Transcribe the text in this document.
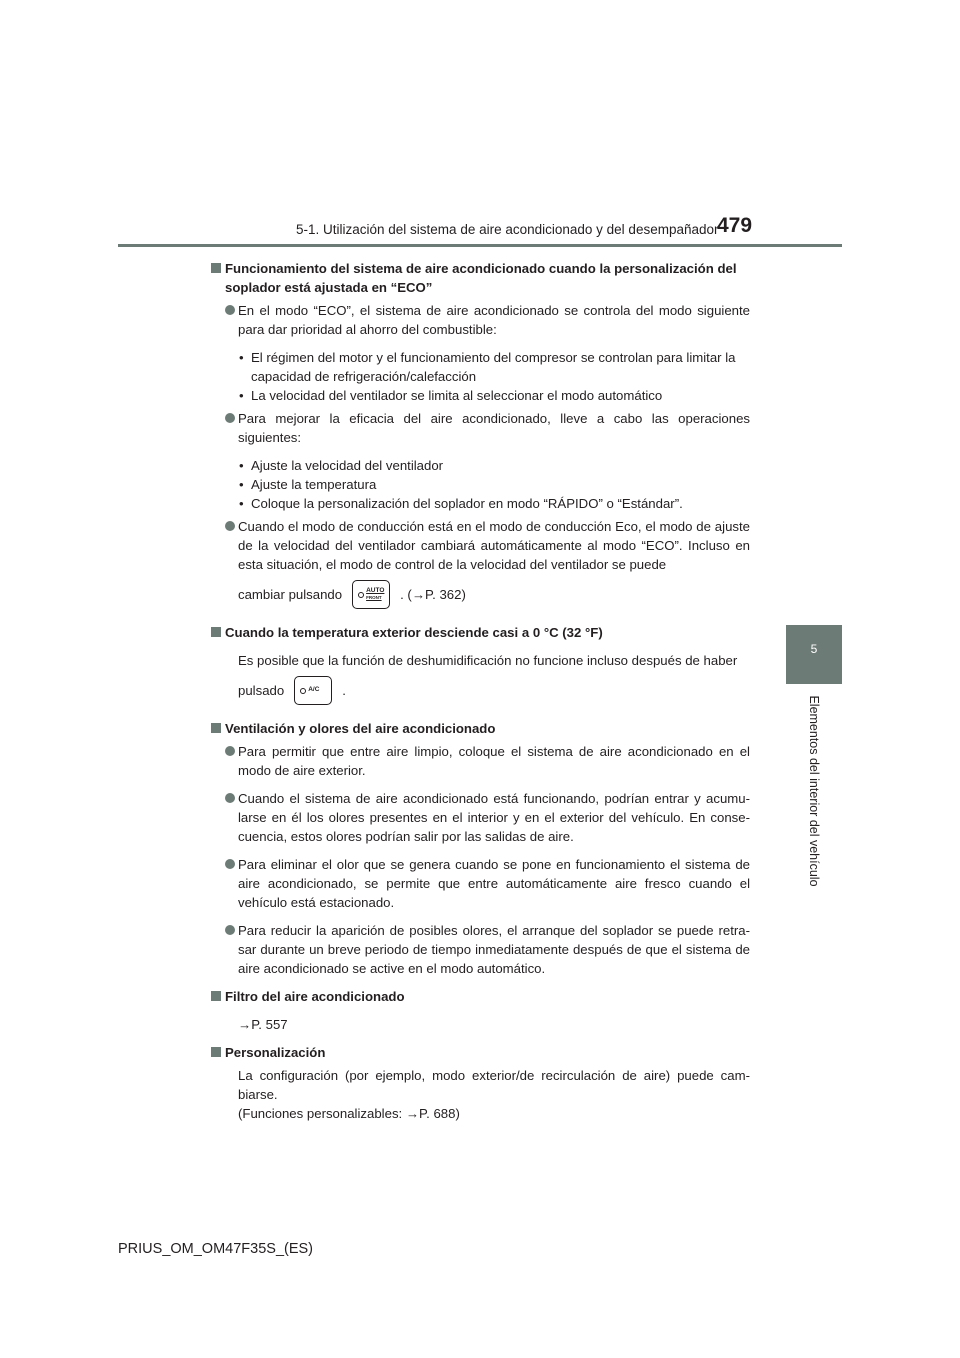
5-1. Utilización del sistema de aire acondicionado y del desempañador
479
5
Elementos del interior del vehículo
Funcionamiento del sistema de aire acondicionado cuando la personalización del soplador está ajustada en “ECO”
En el modo “ECO”, el sistema de aire acondicionado se controla del modo siguiente para dar prioridad al ahorro del combustible:
• El régimen del motor y el funcionamiento del compresor se controlan para limitar la capacidad de refrigeración/calefacción
• La velocidad del ventilador se limita al seleccionar el modo automático
Para mejorar la eficacia del aire acondicionado, lleve a cabo las operaciones siguientes:
• Ajuste la velocidad del ventilador
• Ajuste la temperatura
• Coloque la personalización del soplador en modo “RÁPIDO” o “Estándar”.
Cuando el modo de conducción está en el modo de conducción Eco, el modo de ajuste de la velocidad del ventilador cambiará automáticamente al modo “ECO”. Incluso en esta situación, el modo de control de la velocidad del ventilador se puede
cambiar pulsando	AUTO
FRONT . (→P. 362)
Cuando la temperatura exterior desciende casi a 0 °C (32 °F)
Es posible que la función de deshumidificación no funcione incluso después de haber
pulsado	A/C .
Ventilación y olores del aire acondicionado
Para permitir que entre aire limpio, coloque el sistema de aire acondicionado en el modo de aire exterior.
Cuando el sistema de aire acondicionado está funcionando, podrían entrar y acumu-larse en él los olores presentes en el interior y en el exterior del vehículo. En conse-cuencia, estos olores podrían salir por las salidas de aire.
Para eliminar el olor que se genera cuando se pone en funcionamiento el sistema de aire acondicionado, se permite que entre automáticamente aire fresco cuando el vehículo está estacionado.
Para reducir la aparición de posibles olores, el arranque del soplador se puede retra-sar durante un breve periodo de tiempo inmediatamente después de que el sistema de aire acondicionado se active en el modo automático.
Filtro del aire acondicionado
→P. 557
Personalización
La configuración (por ejemplo, modo exterior/de recirculación de aire) puede cam-biarse.
(Funciones personalizables: →P. 688)
PRIUS_OM_OM47F35S_(ES)
